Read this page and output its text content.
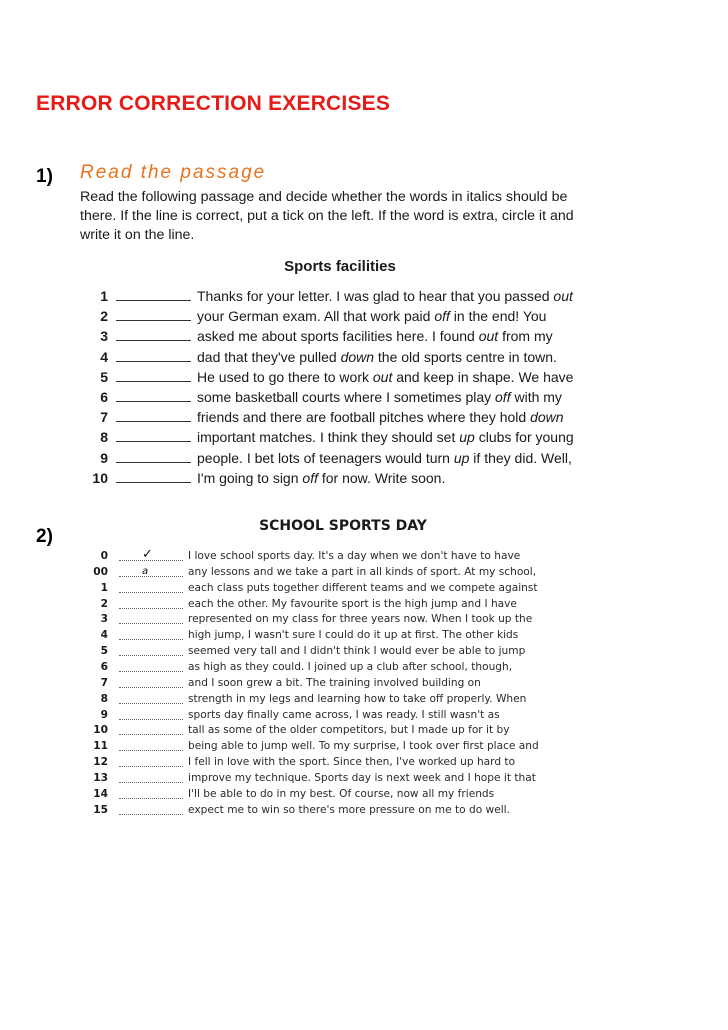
ERROR CORRECTION EXERCISES
1) Read the passage
Read the following passage and decide whether the words in italics should be there. If the line is correct, put a tick on the left. If the word is extra, circle it and write it on the line.
Sports facilities
1	Thanks for your letter. I was glad to hear that you passed out
2	your German exam. All that work paid off in the end! You
3	asked me about sports facilities here. I found out from my
4	dad that they've pulled down the old sports centre in town.
5	He used to go there to work out and keep in shape. We have
6	some basketball courts where I sometimes play off with my
7	friends and there are football pitches where they hold down
8	important matches. I think they should set up clubs for young
9	people. I bet lots of teenagers would turn up if they did. Well,
10	I'm going to sign off for now. Write soon.
2)	SCHOOL SPORTS DAY
0	✓	I love school sports day. It's a day when we don't have to have
00	a	any lessons and we take a part in all kinds of sport. At my school,
1	each class puts together different teams and we compete against
2	each the other. My favourite sport is the high jump and I have
3	represented on my class for three years now. When I took up the
4	high jump, I wasn't sure I could do it up at first. The other kids
5	seemed very tall and I didn't think I would ever be able to jump
6	as high as they could. I joined up a club after school, though,
7	and I soon grew a bit. The training involved building on
8	strength in my legs and learning how to take off properly. When
9	sports day finally came across, I was ready. I still wasn't as
10	tall as some of the older competitors, but I made up for it by
11	being able to jump well. To my surprise, I took over first place and
12	I fell in love with the sport. Since then, I've worked up hard to
13	improve my technique. Sports day is next week and I hope it that
14	I'll be able to do in my best. Of course, now all my friends
15	expect me to win so there's more pressure on me to do well.
